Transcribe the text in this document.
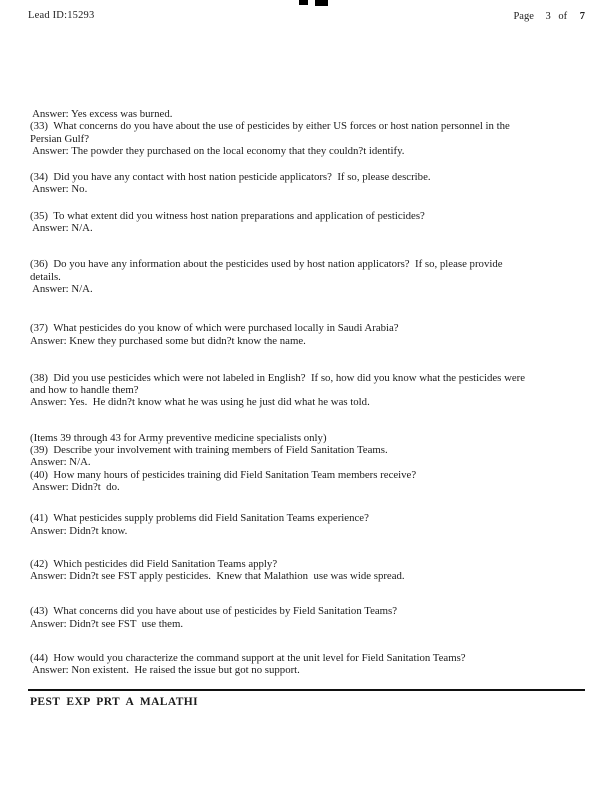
Lead ID:15293	Page 3 of 7
Answer: Yes excess was burned.
(33)  What concerns do you have about the use of pesticides by either US forces or host nation personnel in the
Persian Gulf?
Answer: The powder they purchased on the local economy that they couldn?t identify.
(34)  Did you have any contact with host nation pesticide applicators?  If so, please describe.
Answer: No.
(35)  To what extent did you witness host nation preparations and application of pesticides?
Answer: N/A.
(36)  Do you have any information about the pesticides used by host nation applicators?  If so, please provide
details.
Answer: N/A.
(37)  What pesticides do you know of which were purchased locally in Saudi Arabia?
Answer: Knew they purchased some but didn?t know the name.
(38)  Did you use pesticides which were not labeled in English?  If so, how did you know what the pesticides were
and how to handle them?
Answer: Yes.  He didn?t know what he was using he just did what he was told.
(Items 39 through 43 for Army preventive medicine specialists only)
(39)  Describe your involvement with training members of Field Sanitation Teams.
Answer: N/A.
(40)  How many hours of pesticides training did Field Sanitation Team members receive?
Answer: Didn?t  do.
(41)  What pesticides supply problems did Field Sanitation Teams experience?
Answer: Didn?t know.
(42)  Which pesticides did Field Sanitation Teams apply?
Answer: Didn?t see FST apply pesticides.  Knew that Malathion  use was wide spread.
(43)  What concerns did you have about use of pesticides by Field Sanitation Teams?
Answer: Didn?t see FST  use them.
(44)  How would you characterize the command support at the unit level for Field Sanitation Teams?
Answer: Non existent.  He raised the issue but got no support.
PEST EXP PRT A MALATHI
